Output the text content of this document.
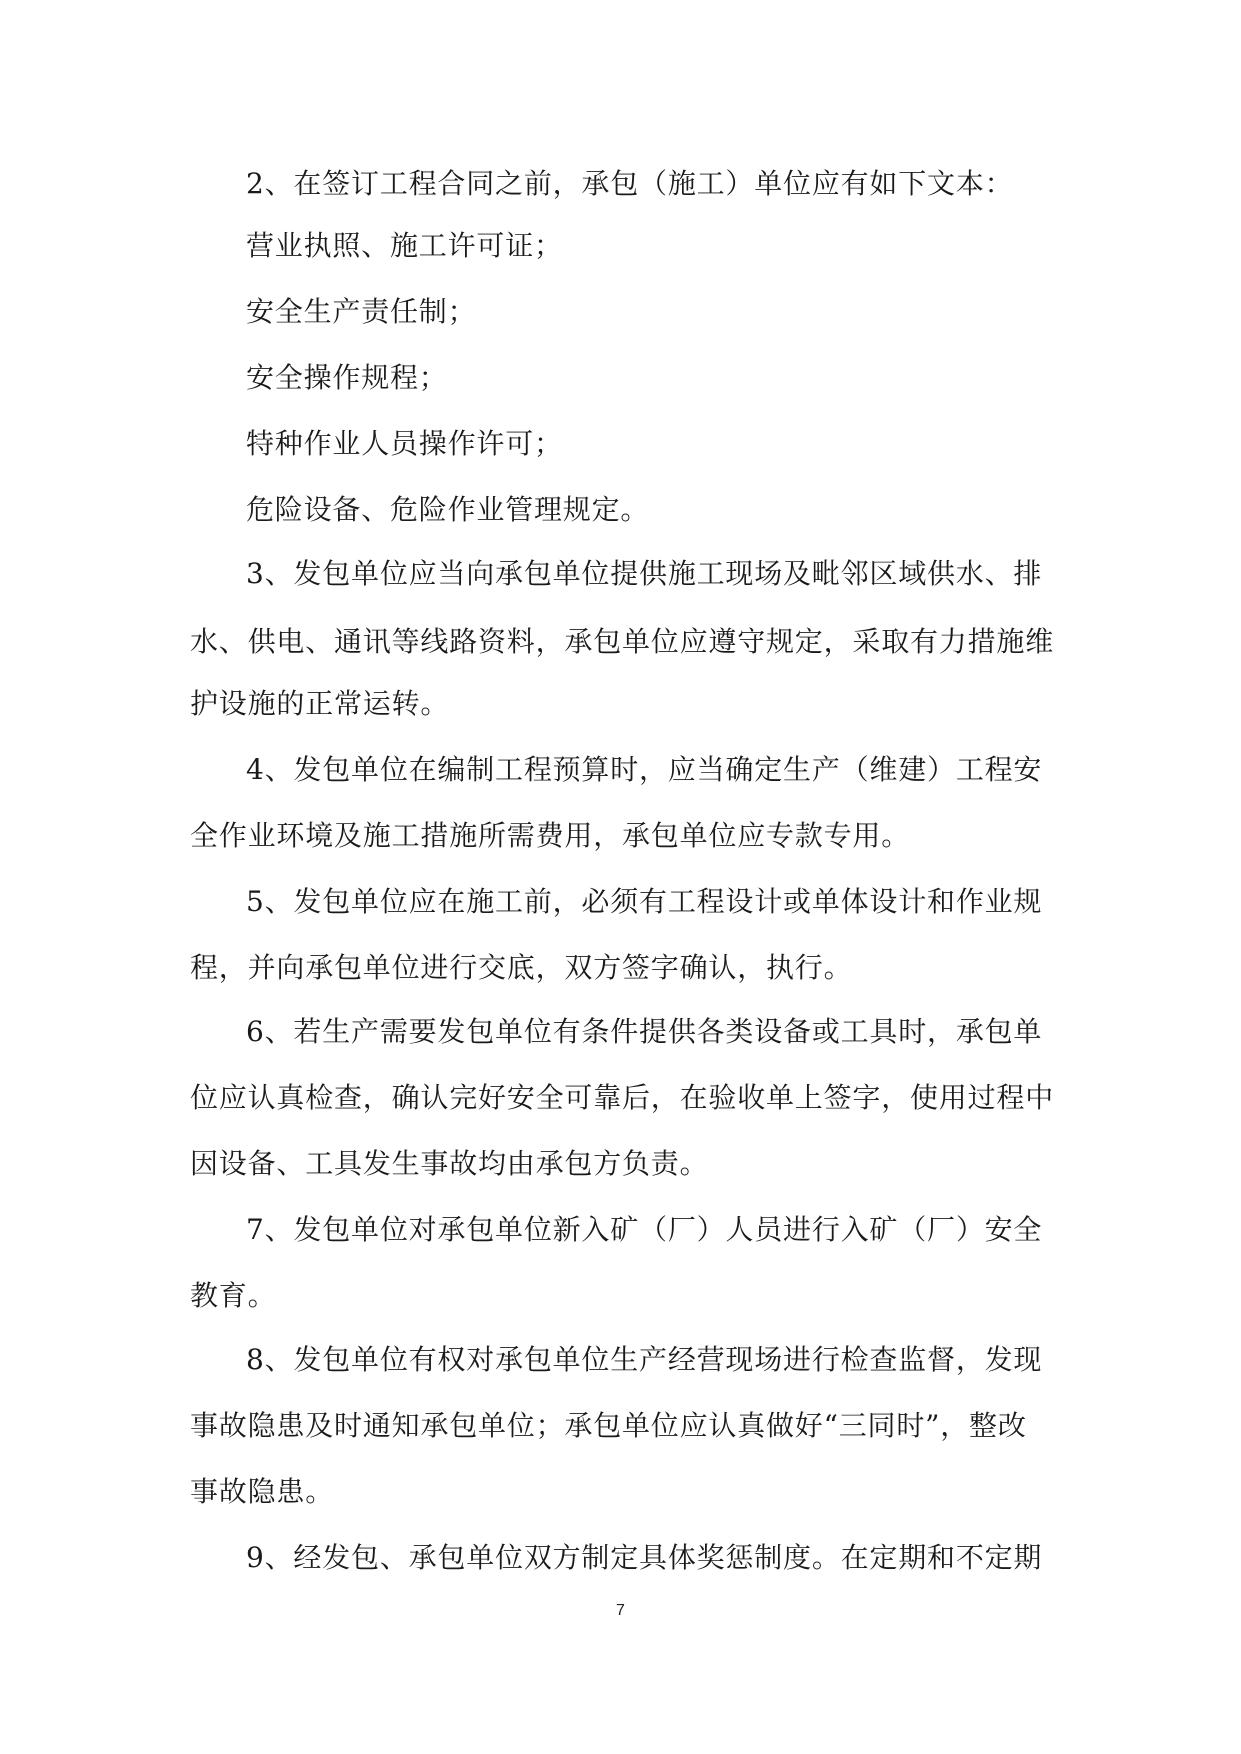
2、在签订工程合同之前，承包（施工）单位应有如下文本：
营业执照、施工许可证；
安全生产责任制；
安全操作规程；
特种作业人员操作许可；
危险设备、危险作业管理规定。
3、发包单位应当向承包单位提供施工现场及毗邻区域供水、排
水、供电、通讯等线路资料，承包单位应遵守规定，采取有力措施维
护设施的正常运转。
4、发包单位在编制工程预算时，应当确定生产（维建）工程安
全作业环境及施工措施所需费用，承包单位应专款专用。
5、发包单位应在施工前，必须有工程设计或单体设计和作业规
程，并向承包单位进行交底，双方签字确认，执行。
6、若生产需要发包单位有条件提供各类设备或工具时，承包单
位应认真检查，确认完好安全可靠后，在验收单上签字，使用过程中
因设备、工具发生事故均由承包方负责。
7、发包单位对承包单位新入矿（厂）人员进行入矿（厂）安全
教育。
8、发包单位有权对承包单位生产经营现场进行检查监督，发现
事故隐患及时通知承包单位；承包单位应认真做好“三同时”，整改
事故隐患。
9、经发包、承包单位双方制定具体奖惩制度。在定期和不定期
7
